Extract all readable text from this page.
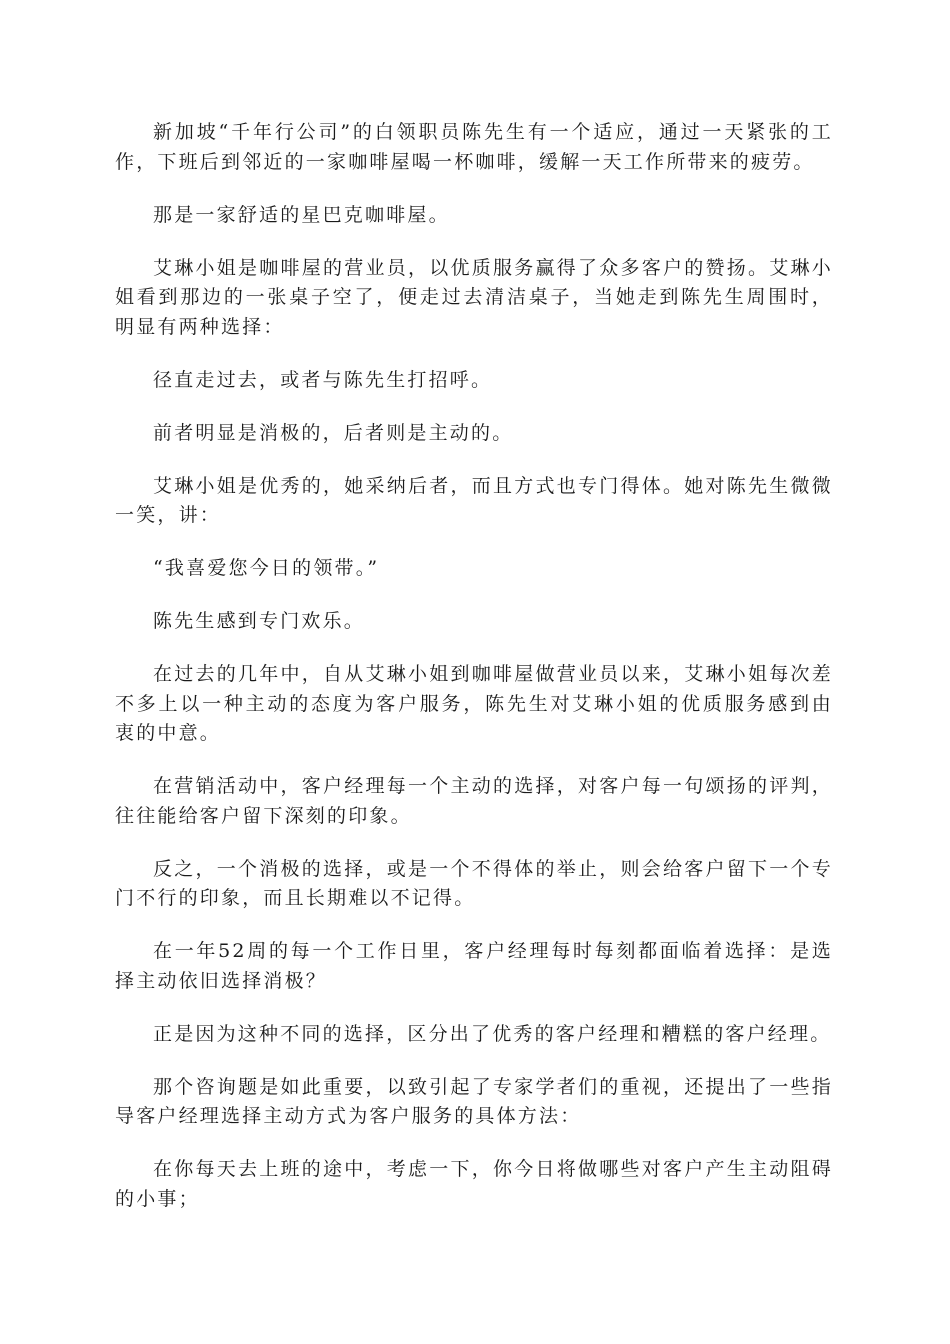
新加坡“千年行公司”的白领职员陈先生有一个适应，通过一天紧张的工作，下班后到邻近的一家咖啡屋喝一杯咖啡，缓解一天工作所带来的疲劳。

那是一家舒适的星巴克咖啡屋。

艾琳小姐是咖啡屋的营业员，以优质服务赢得了众多客户的赞扬。艾琳小姐看到那边的一张桌子空了，便走过去清洁桌子，当她走到陈先生周围时，明显有两种选择：

径直走过去，或者与陈先生打招呼。

前者明显是消极的，后者则是主动的。

艾琳小姐是优秀的，她采纳后者，而且方式也专门得体。她对陈先生微微一笑，讲：

“我喜爱您今日的领带。”

陈先生感到专门欢乐。

在过去的几年中，自从艾琳小姐到咖啡屋做营业员以来，艾琳小姐每次差不多上以一种主动的态度为客户服务，陈先生对艾琳小姐的优质服务感到由衷的中意。

在营销活动中，客户经理每一个主动的选择，对客户每一句颂扬的评判，往往能给客户留下深刻的印象。

反之，一个消极的选择，或是一个不得体的举止，则会给客户留下一个专门不行的印象，而且长期难以不记得。

在一年52周的每一个工作日里，客户经理每时每刻都面临着选择：是选择主动依旧选择消极？

正是因为这种不同的选择，区分出了优秀的客户经理和糟糕的客户经理。

那个咨询题是如此重要，以致引起了专家学者们的重视，还提出了一些指导客户经理选择主动方式为客户服务的具体方法：

在你每天去上班的途中，考虑一下，你今日将做哪些对客户产生主动阻碍的小事；
